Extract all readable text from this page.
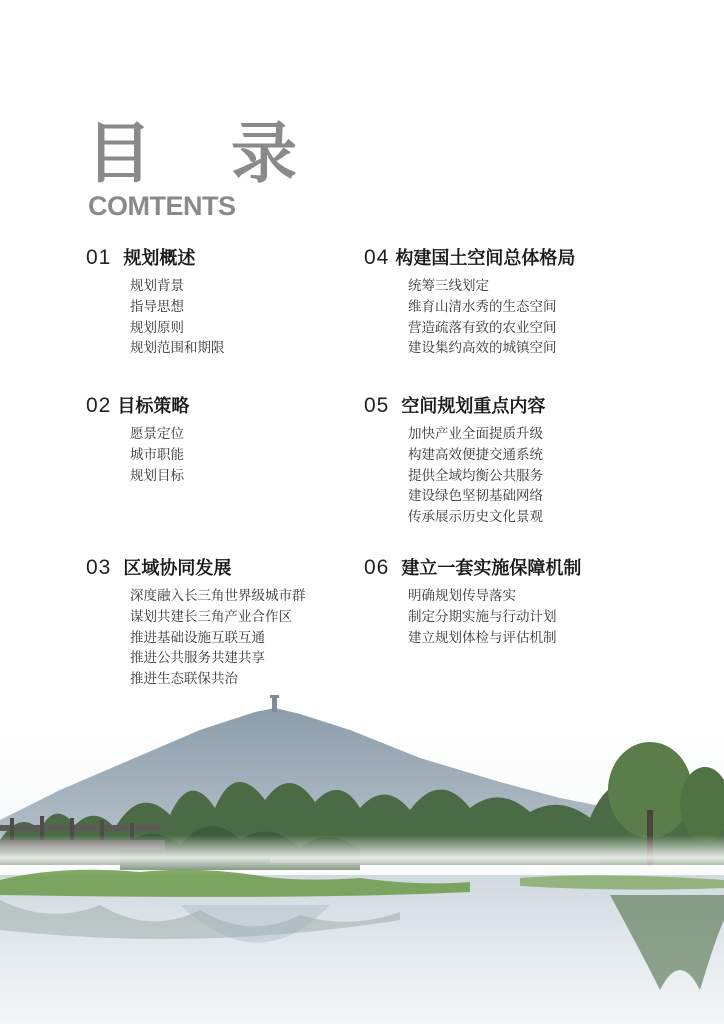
目 录
COMTENTS
01 规划概述
规划背景
指导思想
规划原则
规划范围和期限
02 目标策略
愿景定位
城市职能
规划目标
03 区域协同发展
深度融入长三角世界级城市群
谋划共建长三角产业合作区
推进基础设施互联互通
推进公共服务共建共享
推进生态联保共治
04 构建国土空间总体格局
统筹三线划定
维育山清水秀的生态空间
营造疏落有致的农业空间
建设集约高效的城镇空间
05 空间规划重点内容
加快产业全面提质升级
构建高效便捷交通系统
提供全域均衡公共服务
建设绿色坚韧基础网络
传承展示历史文化景观
06 建立一套实施保障机制
明确规划传导落实
制定分期实施与行动计划
建立规划体检与评估机制
